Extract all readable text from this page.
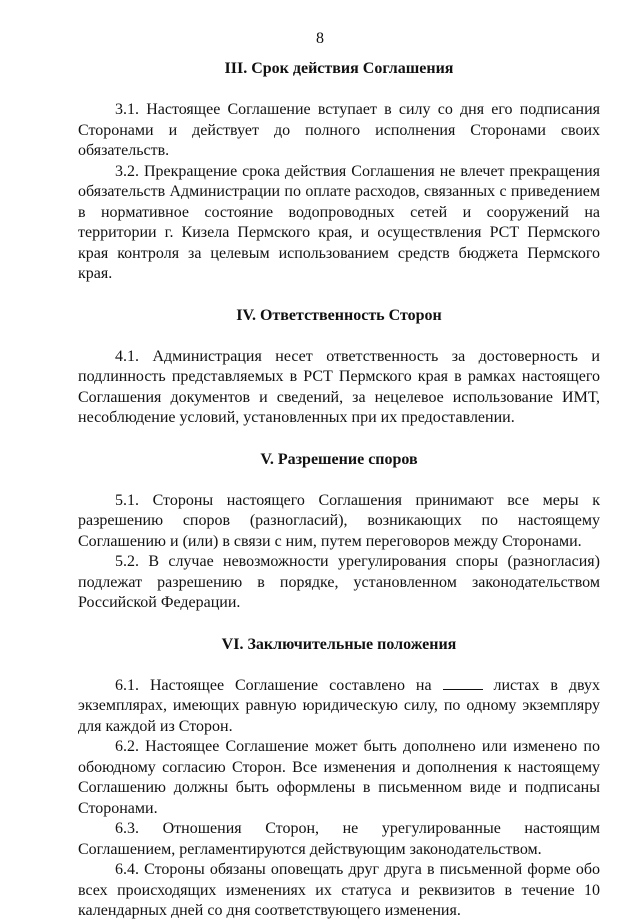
8
III. Срок действия Соглашения

3.1. Настоящее Соглашение вступает в силу со дня его подписания Сторонами и действует до полного исполнения Сторонами своих обязательств.

3.2. Прекращение срока действия Соглашения не влечет прекращения обязательств Администрации по оплате расходов, связанных с приведением в нормативное состояние водопроводных сетей и сооружений на территории г. Кизела Пермского края, и осуществления РСТ Пермского края контроля за целевым использованием средств бюджета Пермского края.

IV. Ответственность Сторон

4.1. Администрация несет ответственность за достоверность и подлинность представляемых в РСТ Пермского края в рамках настоящего Соглашения документов и сведений, за нецелевое использование ИМТ, несоблюдение условий, установленных при их предоставлении.

V. Разрешение споров

5.1. Стороны настоящего Соглашения принимают все меры к разрешению споров (разногласий), возникающих по настоящему Соглашению и (или) в связи с ним, путем переговоров между Сторонами.

5.2. В случае невозможности урегулирования споры (разногласия) подлежат разрешению в порядке, установленном законодательством Российской Федерации.

VI. Заключительные положения

6.1. Настоящее Соглашение составлено на	листах в двух экземплярах, имеющих равную юридическую силу, по одному экземпляру для каждой из Сторон.

6.2. Настоящее Соглашение может быть дополнено или изменено по обоюдному согласию Сторон. Все изменения и дополнения к настоящему Соглашению должны быть оформлены в письменном виде и подписаны Сторонами.

6.3. Отношения Сторон, не урегулированные настоящим Соглашением, регламентируются действующим законодательством.

6.4. Стороны обязаны оповещать друг друга в письменной форме обо всех происходящих изменениях их статуса и реквизитов в течение 10 календарных дней со дня соответствующего изменения.
